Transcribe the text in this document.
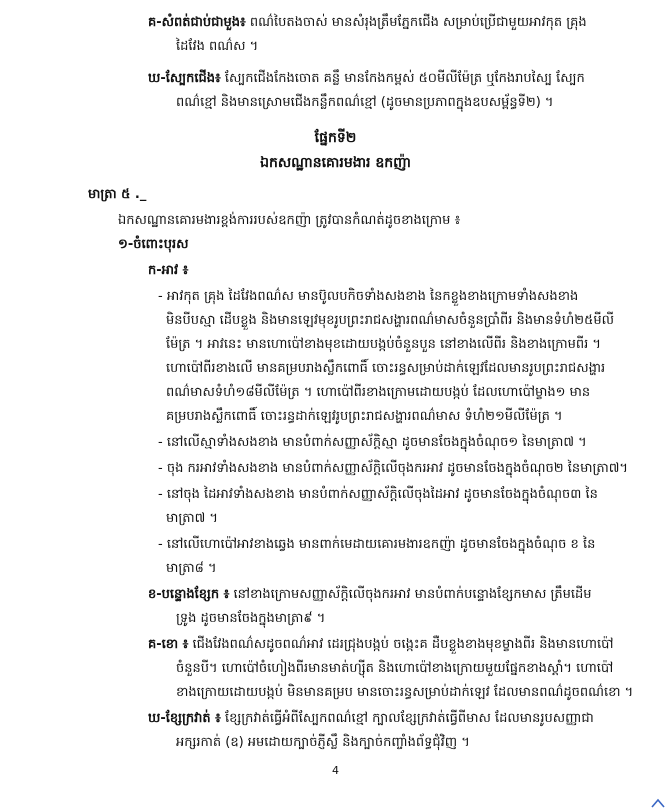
គ-សំពត់ជាប់ជាមួង៖ ពណ៌បៃតងចាស់ មានសំរុងត្រឹមភ្នែកជើង សម្រាប់ប្រើជាមួយអាវកុត គ្រុង

ដៃវែង ពណ៌ស ។

ឃ-ស្បែកជើង៖ ស្បែកជើងកែងចោត គន្លឹ មានកែងកម្ពស់ ៥០មីលីម៉ែត្រ ឬកែងរាបស្បៃ ស្បែក

ពណ៌ខ្មៅ និងមានស្រោមជើងកន្លឹកពណ៌ខ្មៅ (ដូចមានប្រភាពក្នុងឧបសម្ព័ន្ធទី២) ។

ផ្នែកទី២
ឯកសណ្ឋានគោរមងារ ឧកញ៉ា

មាត្រា ៥ ._

ឯកសណ្ឋានគោរមងារខ្ពង់ការរបស់ឧកញ៉ា ត្រូវបានកំណត់ដូចខាងក្រោម ៖

១-ចំពោះបុរស

ក-អាវ ៖

- អាវកុត គ្រុង ដៃវែងពណ៌ស មានប៊ូលបកិចទាំងសងខាង នៃកខ្លួងខាងក្រោមទាំងសងខាង

មិនបីបស្មា ដើបខ្លួង និងមានឡេវមុខរូបព្រះរាជសង្ហារពណ៌មាសចំនួនប្រាំពីរ និងមានទំហំ២៥មីលី

ម៉ែត្រ ។ អាវនេះ មានហោប៉ៅខាងមុខដោយបង្កប់ចំនួនបួន នៅខាងលើពីរ និងខាងក្រោមពីរ ។

ហោប៉ៅពីរខាងលើ មានគម្របរាងស្លឹកពោធិ៍ ចោះរន្ធសម្រាប់ដាក់ឡេវដែលមានរូបព្រះរាជសង្ហារ

ពណ៌មាសទំហំ១៨មីលីម៉ែត្រ ។ ហោប៉ៅពីរខាងក្រោមដោយបង្កប់ ដែលហោប៉ៅម្ខាង១ មាន

គម្របរាងស្លឹកពោធិ៍ ចោះរន្ធដាក់ឡេវរូបព្រះរាជសង្ហារពណ៌មាស ទំហំ២១មីលីម៉ែត្រ ។

- នៅលើស្មាទាំងសងខាង មានបំពាក់សញ្ញាស័ក្តិស្មា ដូចមានចែងក្នុងចំណុច១ នៃមាត្រា៧ ។

- ចុង ករអាវទាំងសងខាង មានបំពាក់សញ្ញាស័ក្តិលើចុងករអាវ ដូចមានចែងក្នុងចំណុច២ នៃមាត្រា៧។

- នៅចុង ដៃអាវទាំងសងខាង មានបំពាក់សញ្ញាស័ក្តិលើចុងដៃអាវ ដូចមានចែងក្នុងចំណុច៣ នៃ

មាត្រា៧ ។

- នៅលើហោប៉ៅអាវខាងឆ្វេង មានពាក់មេដាយគោរមងារឧកញ៉ា ដូចមានចែងក្នុងចំណុច ខ នៃ

មាត្រា៨ ។

ខ-បន្ទោងខ្សែក ៖ នៅខាងក្រោមសញ្ញាស័ក្តិលើចុងករអាវ មានបំពាក់បន្ទោងខ្សែកមាស ត្រឹមដើម

ទ្រូង ដូចមានចែងក្នុងមាត្រា៩ ។

គ-ខោ ៖ ជើងវែងពណ៌សដូចពណ៌អាវ ដេរជ្រុងបង្កប់ ចង្កេះគ ដឺបខ្លួងខាងមុខម្ខាងពីរ និងមានហោប៉ៅ

ចំនួនបី។ ហោប៉ៅចំហៀងពីរមានមាត់ហ្ស៊ីត និងហោប៉ៅខាងក្រោយមួយផ្នែកខាងស្តាំ។ ហោប៉ៅ

ខាងក្រោយដោយបង្កប់ មិនមានគម្រប មានចោះរន្ធសម្រាប់ដាក់ឡេវ ដែលមានពណ៌ដូចពណ៌ខោ ។

ឃ-ខ្សែក្រវាត់ ៖ ខ្សែក្រវាត់ធ្វើអំពីស្បែកពណ៌ខ្មៅ ក្បាលខ្សែក្រវាត់ធ្វើពីមាស ដែលមានរូបសញ្ញាជា

អក្សរកាត់ (ឧ) អមដោយក្បាច់ភ្ញីស្លឹ និងក្បាច់កញ្ចាំងព័ទ្ធជុំវិញ ។

4
